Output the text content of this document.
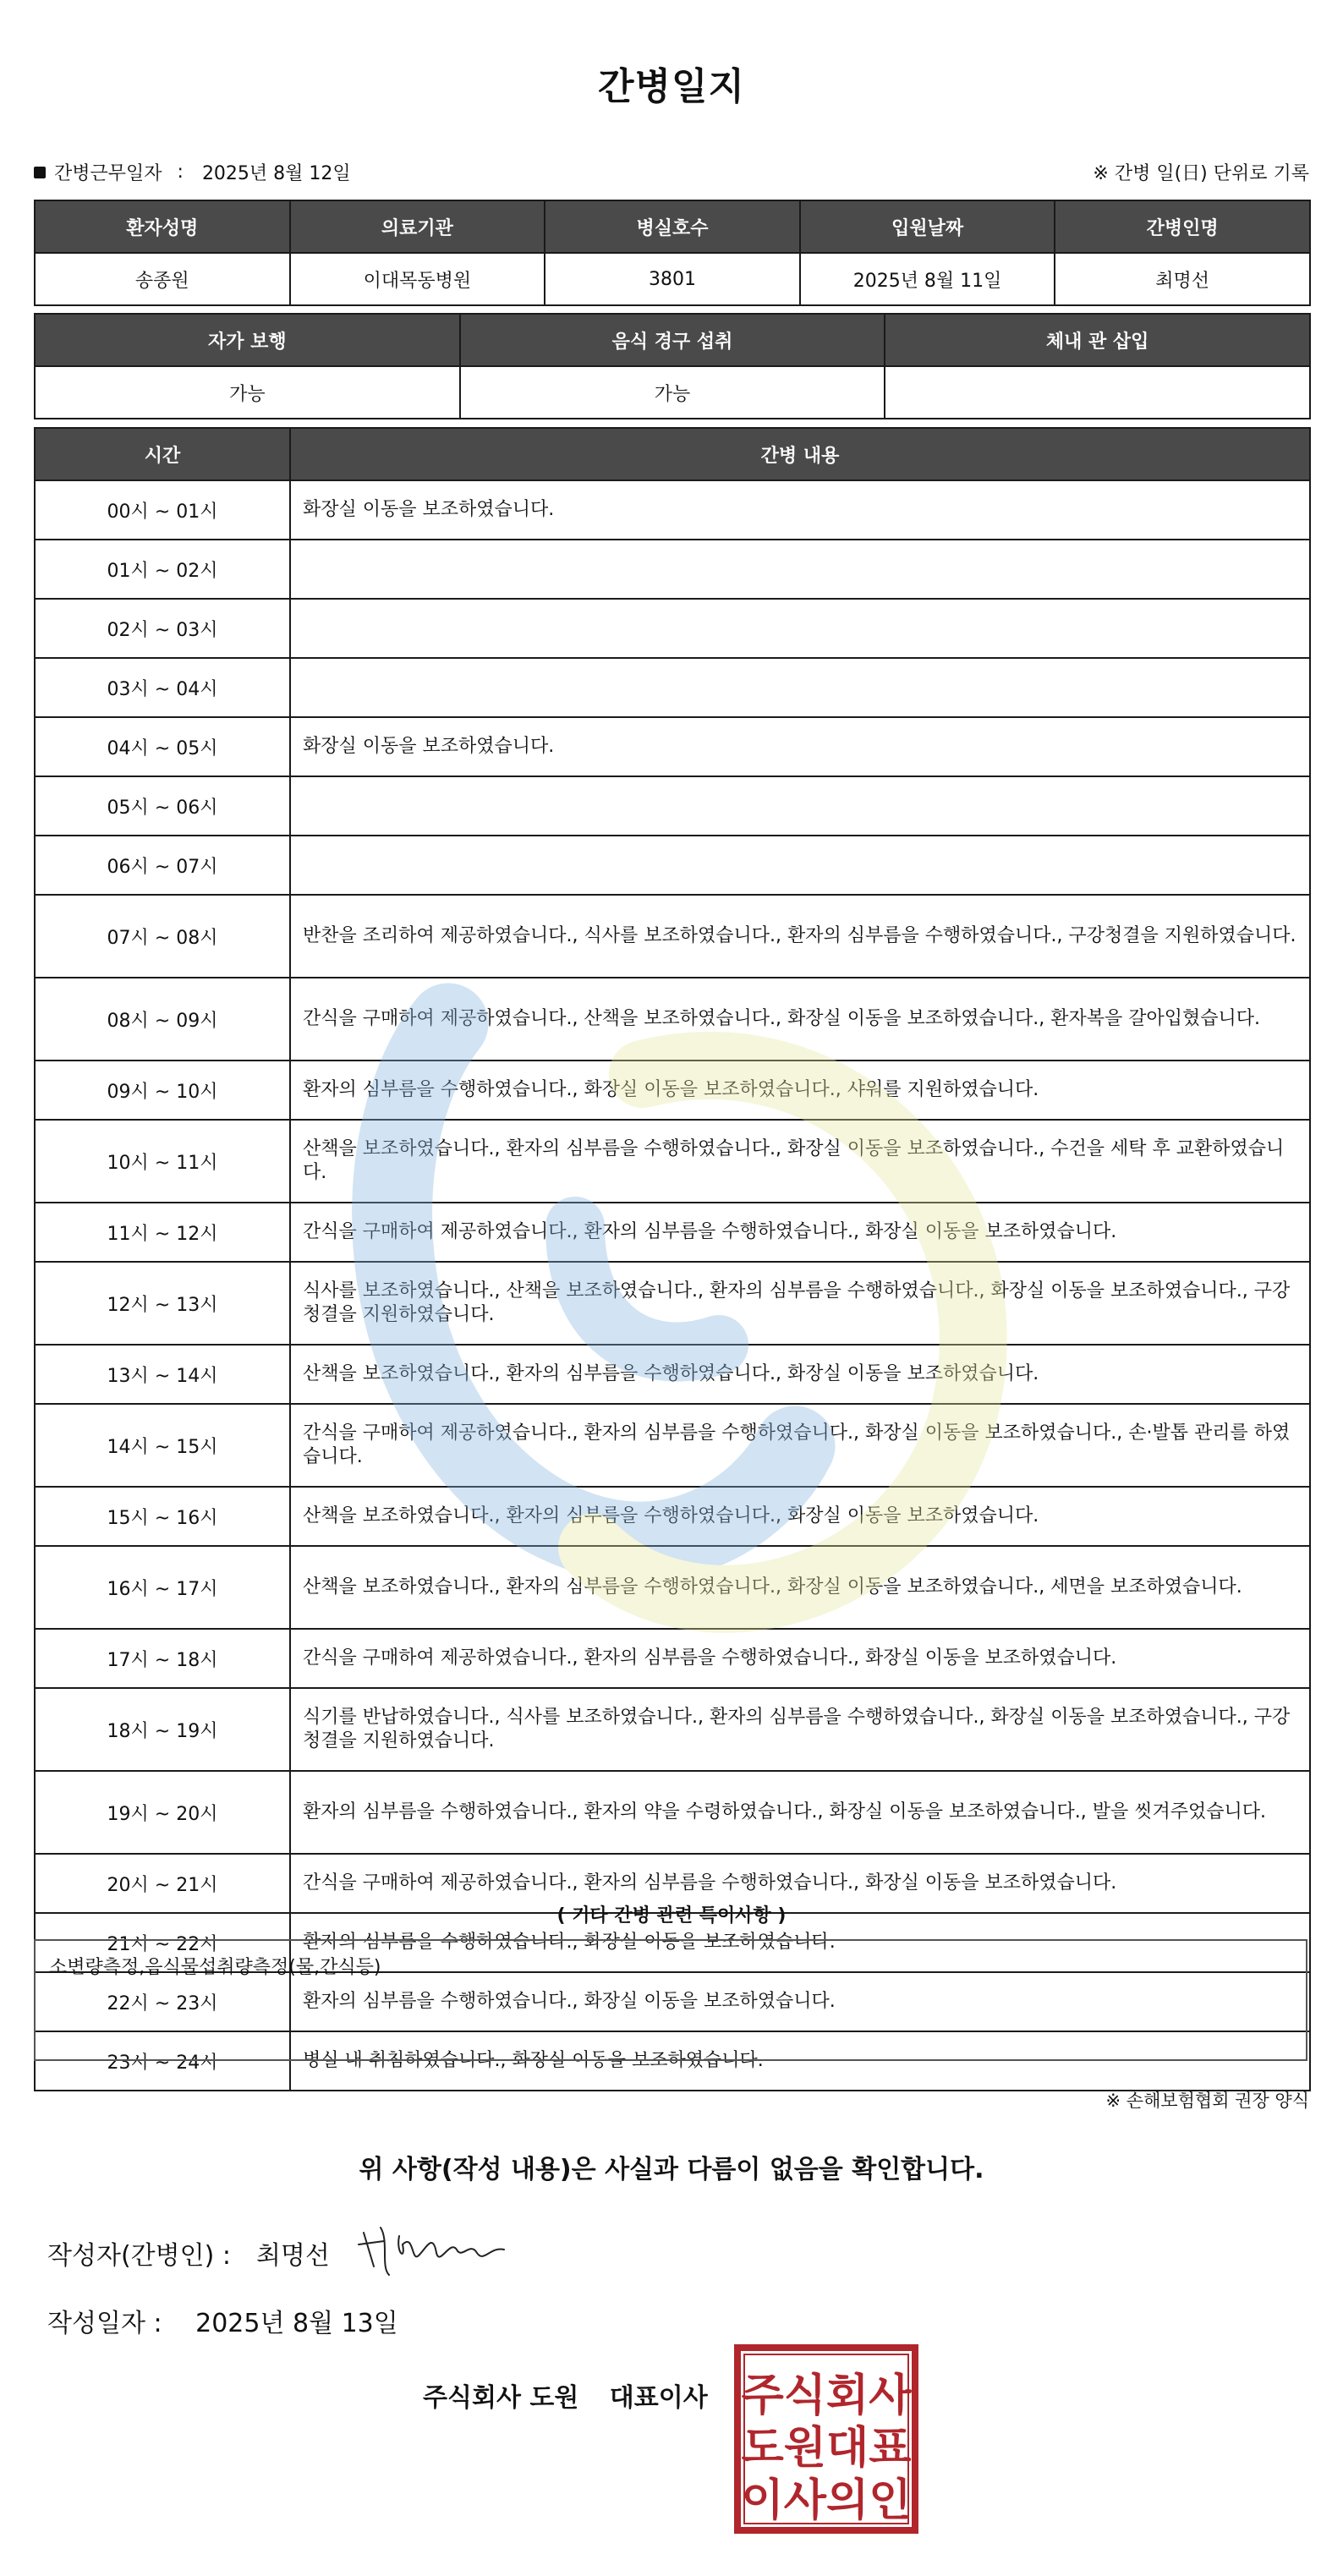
간병일지
간병근무일자 : 2025년 8월 12일	※ 간병 일(日) 단위로 기록
환자성명	의료기관	병실호수	입원날짜	간병인명
송종원	이대목동병원	3801	2025년 8월 11일	최명선
자가 보행	음식 경구 섭취	체내 관 삽입
가능	가능	
시간	간병 내용
00시 ~ 01시	화장실 이동을 보조하였습니다.
01시 ~ 02시	
02시 ~ 03시	
03시 ~ 04시	
04시 ~ 05시	화장실 이동을 보조하였습니다.
05시 ~ 06시	
06시 ~ 07시	
07시 ~ 08시	반찬을 조리하여 제공하였습니다., 식사를 보조하였습니다., 환자의 심부름을 수행하였습니다., 구강청결을 지원하였습니다.
08시 ~ 09시	간식을 구매하여 제공하였습니다., 산책을 보조하였습니다., 화장실 이동을 보조하였습니다., 환자복을 갈아입혔습니다.
09시 ~ 10시	환자의 심부름을 수행하였습니다., 화장실 이동을 보조하였습니다., 샤워를 지원하였습니다.
10시 ~ 11시	산책을 보조하였습니다., 환자의 심부름을 수행하였습니다., 화장실 이동을 보조하였습니다., 수건을 세탁 후 교환하였습니다.
11시 ~ 12시	간식을 구매하여 제공하였습니다., 환자의 심부름을 수행하였습니다., 화장실 이동을 보조하였습니다.
12시 ~ 13시	식사를 보조하였습니다., 산책을 보조하였습니다., 환자의 심부름을 수행하였습니다., 화장실 이동을 보조하였습니다., 구강청결을 지원하였습니다.
13시 ~ 14시	산책을 보조하였습니다., 환자의 심부름을 수행하였습니다., 화장실 이동을 보조하였습니다.
14시 ~ 15시	간식을 구매하여 제공하였습니다., 환자의 심부름을 수행하였습니다., 화장실 이동을 보조하였습니다., 손·발톱 관리를 하였습니다.
15시 ~ 16시	산책을 보조하였습니다., 환자의 심부름을 수행하였습니다., 화장실 이동을 보조하였습니다.
16시 ~ 17시	산책을 보조하였습니다., 환자의 심부름을 수행하였습니다., 화장실 이동을 보조하였습니다., 세면을 보조하였습니다.
17시 ~ 18시	간식을 구매하여 제공하였습니다., 환자의 심부름을 수행하였습니다., 화장실 이동을 보조하였습니다.
18시 ~ 19시	식기를 반납하였습니다., 식사를 보조하였습니다., 환자의 심부름을 수행하였습니다., 화장실 이동을 보조하였습니다., 구강청결을 지원하였습니다.
19시 ~ 20시	환자의 심부름을 수행하였습니다., 환자의 약을 수령하였습니다., 화장실 이동을 보조하였습니다., 발을 씻겨주었습니다.
20시 ~ 21시	간식을 구매하여 제공하였습니다., 환자의 심부름을 수행하였습니다., 화장실 이동을 보조하였습니다.
21시 ~ 22시	환자의 심부름을 수행하였습니다., 화장실 이동을 보조하였습니다.
22시 ~ 23시	환자의 심부름을 수행하였습니다., 화장실 이동을 보조하였습니다.
23시 ~ 24시	병실 내 취침하였습니다., 화장실 이동을 보조하였습니다.
( 기타 간병 관련 특이사항 )
소변량측정,음식물섭취량측정(물,간식등)
※ 손해보험협회 권장 양식
위 사항(작성 내용)은 사실과 다름이 없음을 확인합니다.
작성자(간병인) : 최명선
작성일자 : 2025년 8월 13일
주식회사 도원 대표이사 주식회사
도원대표
이사의인
